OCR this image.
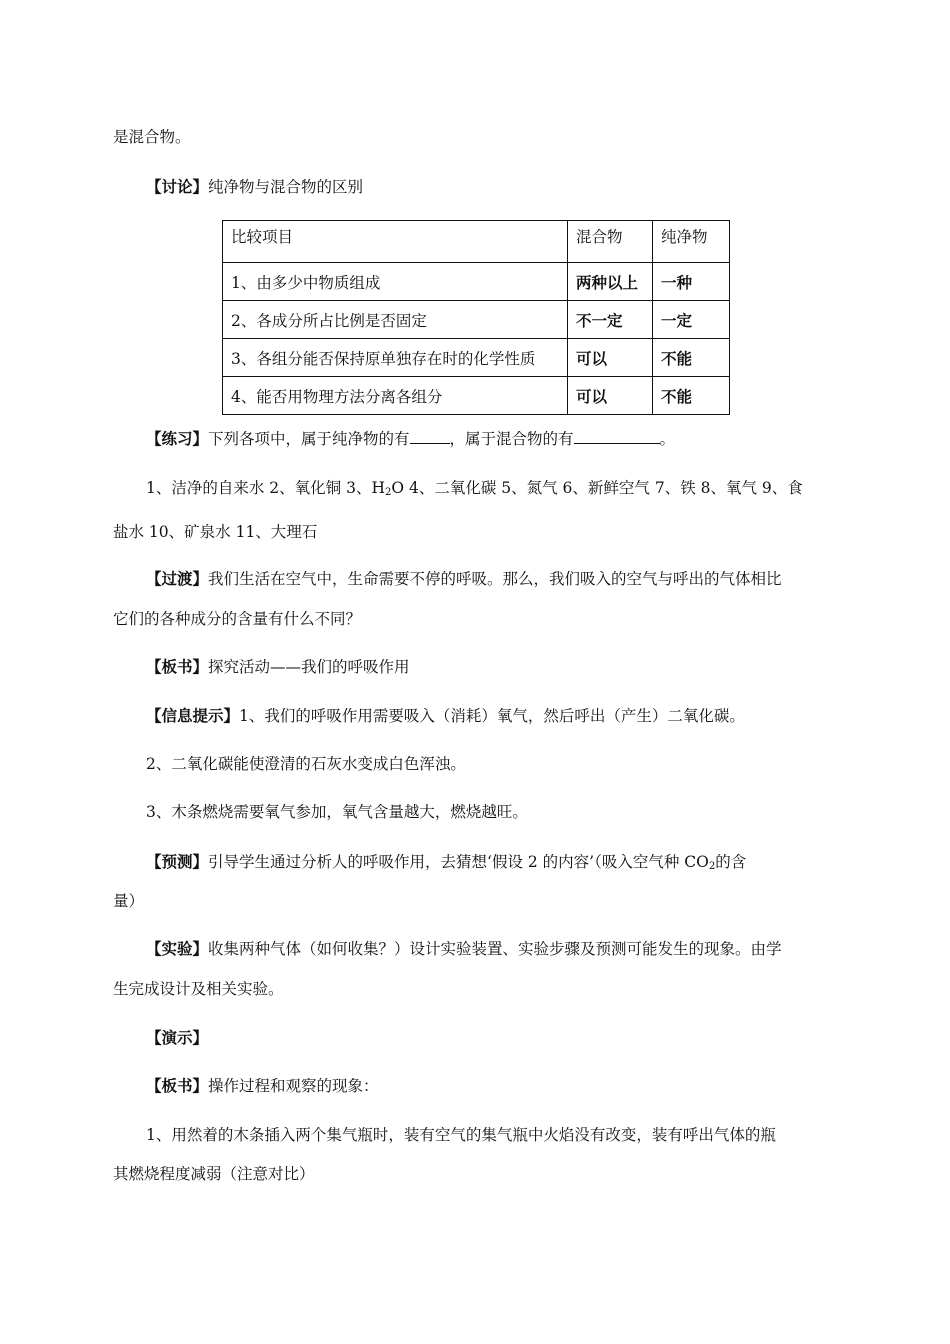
是混合物。
【讨论】纯净物与混合物的区别
比较项目	混合物	纯净物
1、由多少中物质组成	两种以上	一种
2、各成分所占比例是否固定	不一定	一定
3、各组分能否保持原单独存在时的化学性质	可以	不能
4、能否用物理方法分离各组分	可以	不能
【练习】下列各项中，属于纯净物的有	，属于混合物的有	。
1、洁净的自来水 2、氧化铜 3、$H_2O$ 4、二氧化碳 5、氮气 6、新鲜空气 7、铁 8、氧气 9、食
盐水 10、矿泉水 11、大理石
【过渡】我们生活在空气中，生命需要不停的呼吸。那么，我们吸入的空气与呼出的气体相比
它们的各种成分的含量有什么不同？
【板书】探究活动——我们的呼吸作用
【信息提示】1、我们的呼吸作用需要吸入（消耗）氧气，然后呼出（产生）二氧化碳。
2、二氧化碳能使澄清的石灰水变成白色浑浊。
3、木条燃烧需要氧气参加，氧气含量越大，燃烧越旺。
【预测】引导学生通过分析人的呼吸作用，去猜想‘假设 2 的内容’（吸入空气种 $CO_2$的含
量）
【实验】收集两种气体（如何收集？）设计实验装置、实验步骤及预测可能发生的现象。由学
生完成设计及相关实验。
【演示】
【板书】操作过程和观察的现象：
1、用然着的木条插入两个集气瓶时，装有空气的集气瓶中火焰没有改变，装有呼出气体的瓶
其燃烧程度减弱（注意对比）
